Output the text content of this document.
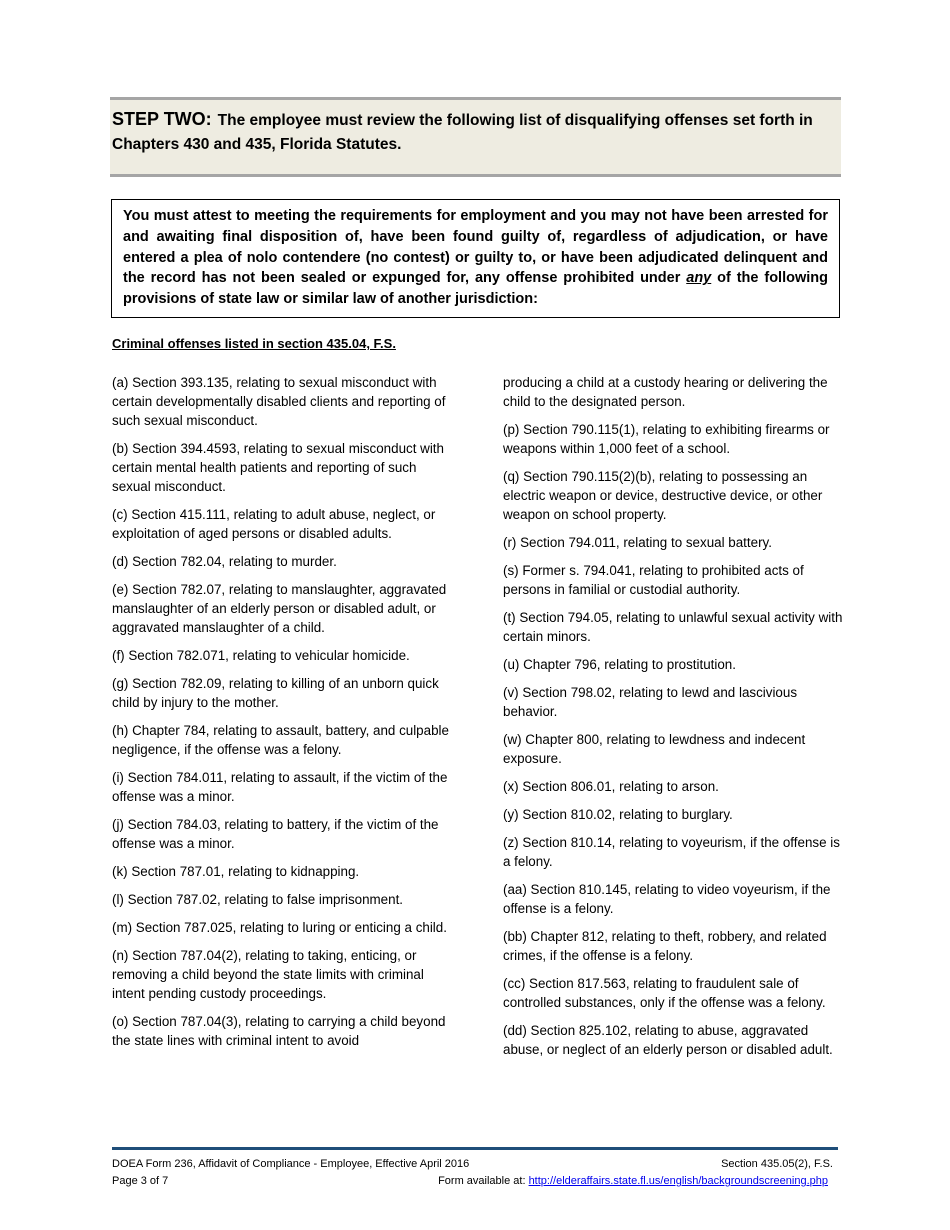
STEP TWO: The employee must review the following list of disqualifying offenses set forth in Chapters 430 and 435, Florida Statutes.
You must attest to meeting the requirements for employment and you may not have been arrested for and awaiting final disposition of, have been found guilty of, regardless of adjudication, or have entered a plea of nolo contendere (no contest) or guilty to, or have been adjudicated delinquent and the record has not been sealed or expunged for, any offense prohibited under any of the following provisions of state law or similar law of another jurisdiction:
Criminal offenses listed in section 435.04, F.S.

(a) Section 393.135, relating to sexual misconduct with certain developmentally disabled clients and reporting of such sexual misconduct.

(b) Section 394.4593, relating to sexual misconduct with certain mental health patients and reporting of such sexual misconduct.

(c) Section 415.111, relating to adult abuse, neglect, or exploitation of aged persons or disabled adults.

(d) Section 782.04, relating to murder.

(e) Section 782.07, relating to manslaughter, aggravated manslaughter of an elderly person or disabled adult, or aggravated manslaughter of a child.

(f) Section 782.071, relating to vehicular homicide.

(g) Section 782.09, relating to killing of an unborn quick child by injury to the mother.

(h) Chapter 784, relating to assault, battery, and culpable negligence, if the offense was a felony.

(i) Section 784.011, relating to assault, if the victim of the offense was a minor.

(j) Section 784.03, relating to battery, if the victim of the offense was a minor.

(k) Section 787.01, relating to kidnapping.

(l) Section 787.02, relating to false imprisonment.

(m) Section 787.025, relating to luring or enticing a child.

(n) Section 787.04(2), relating to taking, enticing, or removing a child beyond the state limits with criminal intent pending custody proceedings.

(o) Section 787.04(3), relating to carrying a child beyond the state lines with criminal intent to avoid

producing a child at a custody hearing or delivering the child to the designated person.

(p) Section 790.115(1), relating to exhibiting firearms or weapons within 1,000 feet of a school.

(q) Section 790.115(2)(b), relating to possessing an electric weapon or device, destructive device, or other weapon on school property.

(r) Section 794.011, relating to sexual battery.

(s) Former s. 794.041, relating to prohibited acts of persons in familial or custodial authority.

(t) Section 794.05, relating to unlawful sexual activity with certain minors.

(u) Chapter 796, relating to prostitution.

(v) Section 798.02, relating to lewd and lascivious behavior.

(w) Chapter 800, relating to lewdness and indecent exposure.

(x) Section 806.01, relating to arson.

(y) Section 810.02, relating to burglary.

(z) Section 810.14, relating to voyeurism, if the offense is a felony.

(aa) Section 810.145, relating to video voyeurism, if the offense is a felony.

(bb) Chapter 812, relating to theft, robbery, and related crimes, if the offense is a felony.

(cc) Section 817.563, relating to fraudulent sale of controlled substances, only if the offense was a felony.

(dd) Section 825.102, relating to abuse, aggravated abuse, or neglect of an elderly person or disabled adult.

DOEA Form 236, Affidavit of Compliance - Employee, Effective April 2016
Page 3 of 7
Section 435.05(2), F.S.
Form available at: http://elderaffairs.state.fl.us/english/backgroundscreening.php
